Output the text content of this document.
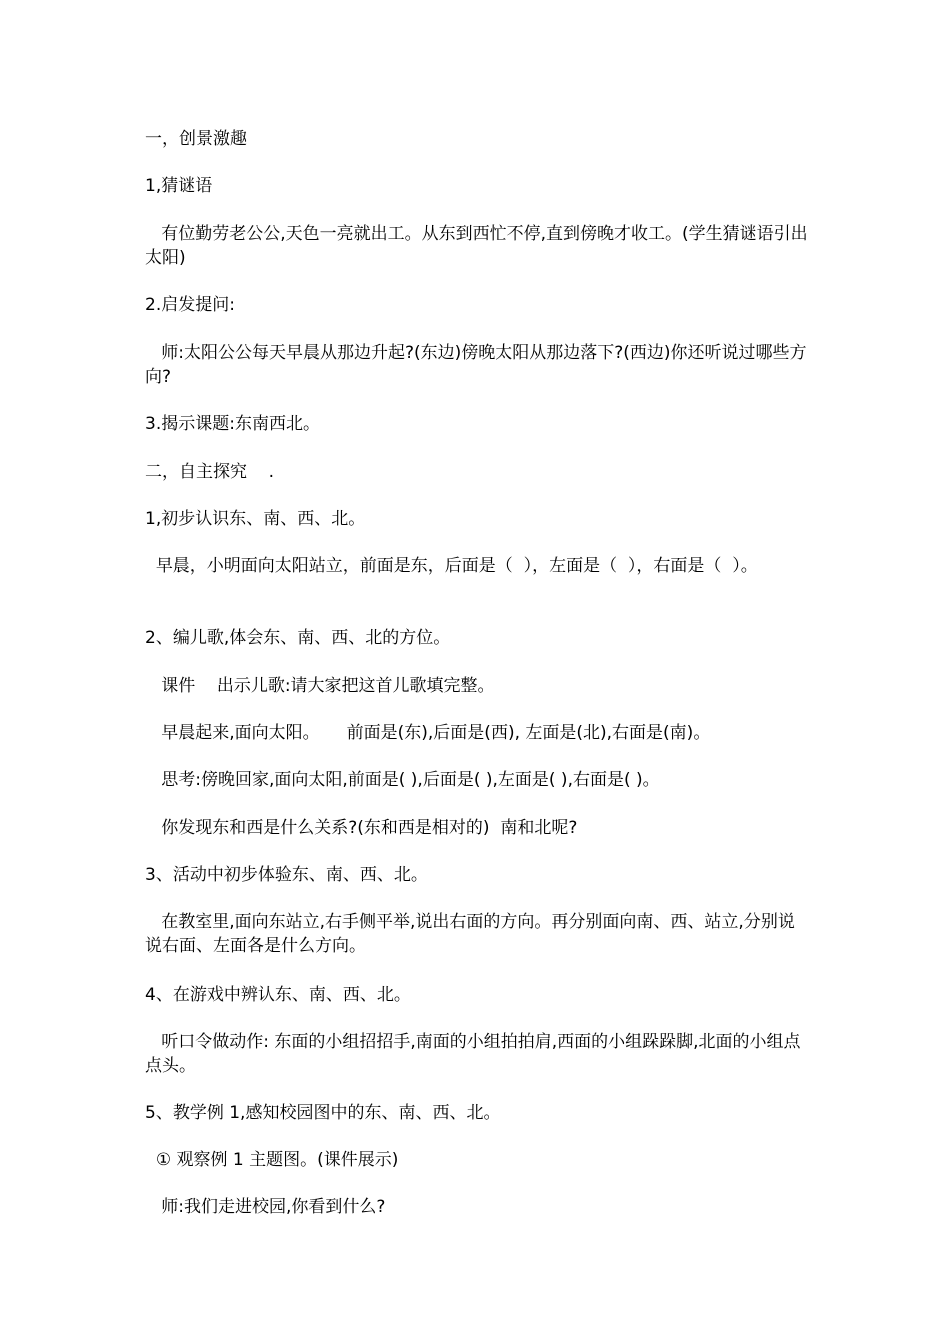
一，创景激趣
1,猜谜语
有位勤劳老公公,天色一亮就出工。从东到西忙不停,直到傍晚才收工。(学生猜谜语引出太阳)
2.启发提问:
师:太阳公公每天早晨从那边升起?(东边)傍晚太阳从那边落下?(西边)你还听说过哪些方向?
3.揭示课题:东南西北。
二，自主探究    .
1,初步认识东、南、西、北。
早晨，小明面向太阳站立，前面是东，后面是（  ），左面是（  ），右面是（  ）。
2、编儿歌,体会东、南、西、北的方位。
课件    出示儿歌:请大家把这首儿歌填完整。
早晨起来,面向太阳。     前面是(东),后面是(西), 左面是(北),右面是(南)。
思考:傍晚回家,面向太阳,前面是( ),后面是( ),左面是( ),右面是( )。
你发现东和西是什么关系?(东和西是相对的)  南和北呢?
3、活动中初步体验东、南、西、北。
在教室里,面向东站立,右手侧平举,说出右面的方向。再分别面向南、西、站立,分别说说右面、左面各是什么方向。
4、在游戏中辨认东、南、西、北。
听口令做动作: 东面的小组招招手,南面的小组拍拍肩,西面的小组跺跺脚,北面的小组点点头。
5、教学例 1,感知校园图中的东、南、西、北。
① 观察例 1 主题图。(课件展示)
师:我们走进校园,你看到什么?
